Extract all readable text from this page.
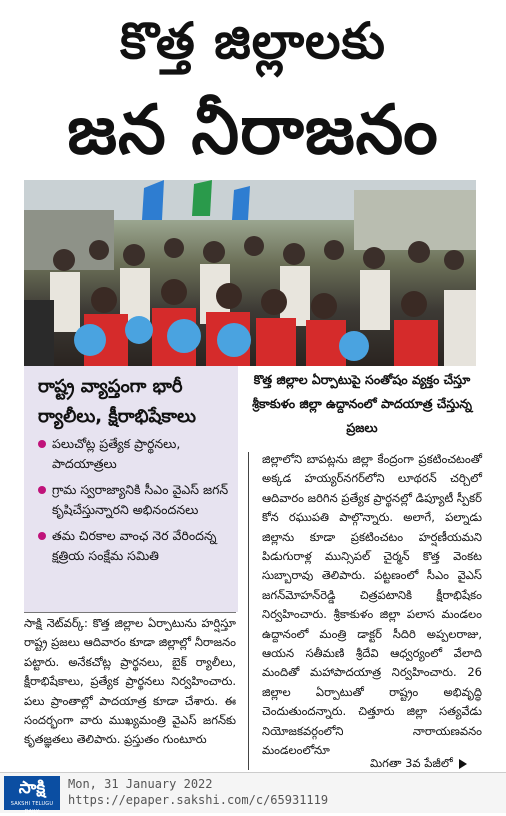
కొత్త జిల్లాలకు
జన నీరాజనం
రాష్ట్ర వ్యాప్తంగా భారీ ర్యాలీలు, క్షీరాభిషేకాలు
పలుచోట్ల ప్రత్యేక ప్రార్థనలు, పాదయాత్రలు
గ్రామ స్వరాజ్యానికి సీఎం వైఎస్ జగన్ కృషిచేస్తున్నారని అభినందనలు
తమ చిరకాల వాంఛ నెర వేరిందన్న క్షత్రియ సంక్షేమ సమితి
కొత్త జిల్లాల ఏర్పాటుపై సంతోషం వ్యక్తం చేస్తూ శ్రీకాకుళం జిల్లా ఉద్దానంలో పాదయాత్ర చేస్తున్న ప్రజలు
సాక్షి నెట్‌వర్క్: కొత్త జిల్లాల ఏర్పాటును హర్షిస్తూ రాష్ట్ర ప్రజలు ఆదివారం కూడా జిల్లాల్లో నీరాజనం పట్టారు. అనేకచోట్ల ప్రార్థనలు, బైక్ ర్యాలీలు, క్షీరాభిషేకాలు, ప్రత్యేక ప్రార్థనలు నిర్వహించారు. పలు ప్రాంతాల్లో పాదయాత్ర కూడా చేశారు. ఈ సందర్భంగా వారు ముఖ్యమంత్రి వైఎస్ జగన్‌కు కృతజ్ఞతలు తెలిపారు. ప్రస్తుతం గుంటూరు
జిల్లాలోని బాపట్లను జిల్లా కేంద్రంగా ప్రకటించటంతో అక్కడ హయ్యర్‌నగర్‌లోని లూథరన్ చర్చిలో ఆదివారం జరిగిన ప్రత్యేక ప్రార్థనల్లో డిప్యూటీ స్పీకర్ కోన రఘుపతి పాల్గొన్నారు. అలాగే, పల్నాడు జిల్లాను కూడా ప్రకటించటం హర్షణీయమని పిడుగురాళ్ల మున్సిపల్ చైర్మన్ కొత్త వెంకట సుబ్బారావు తెలిపారు. పట్టణంలో సీఎం వైఎస్ జగన్‌మోహన్‌రెడ్డి చిత్రపటానికి క్షీరాభిషేకం నిర్వహించారు. శ్రీకాకుళం జిల్లా పలాస మండలం ఉద్దానంలో మంత్రి డాక్టర్ సీదిరి అప్పలరాజు, ఆయన సతీమణి శ్రీదేవి ఆధ్వర్యంలో వేలాది మందితో మహాపాదయాత్ర నిర్వహించారు. 26 జిల్లాల ఏర్పాటుతో రాష్ట్రం అభివృద్ధి చెందుతుందన్నారు. చిత్తూరు జిల్లా సత్యవేడు నియోజకవర్గంలోని నారాయణవనం మండలంలోనూ
మిగతా 3వ పేజీలో
సాక్షి
SAKSHI TELUGU DAILY
Mon, 31 January 2022
https://epaper.sakshi.com/c/65931119
